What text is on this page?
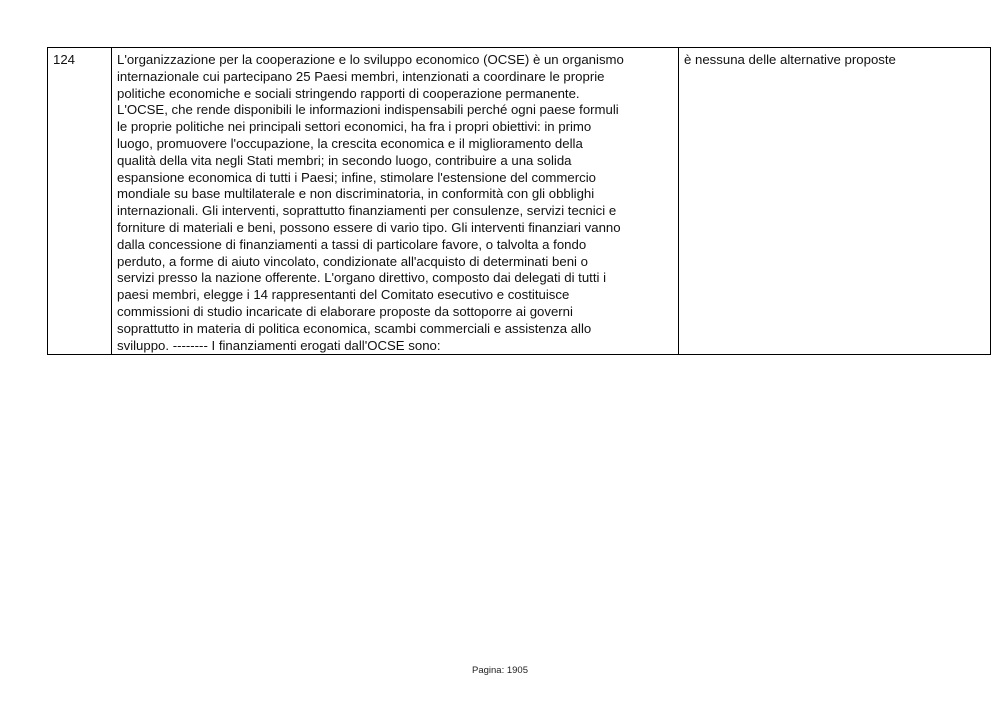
124	L'organizzazione per la cooperazione e lo sviluppo economico (OCSE) è un organismo
internazionale cui partecipano 25 Paesi membri, intenzionati a coordinare le proprie
politiche economiche e sociali stringendo rapporti di cooperazione permanente.
L'OCSE, che rende disponibili le informazioni indispensabili perché ogni paese formuli
le proprie politiche nei principali settori economici, ha fra i propri obiettivi: in primo
luogo, promuovere l'occupazione, la crescita economica e il miglioramento della
qualità della vita negli Stati membri; in secondo luogo, contribuire a una solida
espansione economica di tutti i Paesi; infine, stimolare l'estensione del commercio
mondiale su base multilaterale e non discriminatoria, in conformità con gli obblighi
internazionali. Gli interventi, soprattutto finanziamenti per consulenze, servizi tecnici e
forniture di materiali e beni, possono essere di vario tipo. Gli interventi finanziari vanno
dalla concessione di finanziamenti a tassi di particolare favore, o talvolta a fondo
perduto, a forme di aiuto vincolato, condizionate all'acquisto di determinati beni o
servizi presso la nazione offerente. L'organo direttivo, composto dai delegati di tutti i
paesi membri, elegge i 14 rappresentanti del Comitato esecutivo e costituisce
commissioni di studio incaricate di elaborare proposte da sottoporre ai governi
soprattutto in materia di politica economica, scambi commerciali e assistenza allo
sviluppo. -------- I finanziamenti erogati dall'OCSE sono:
	è nessuna delle alternative proposte
Pagina: 1905
